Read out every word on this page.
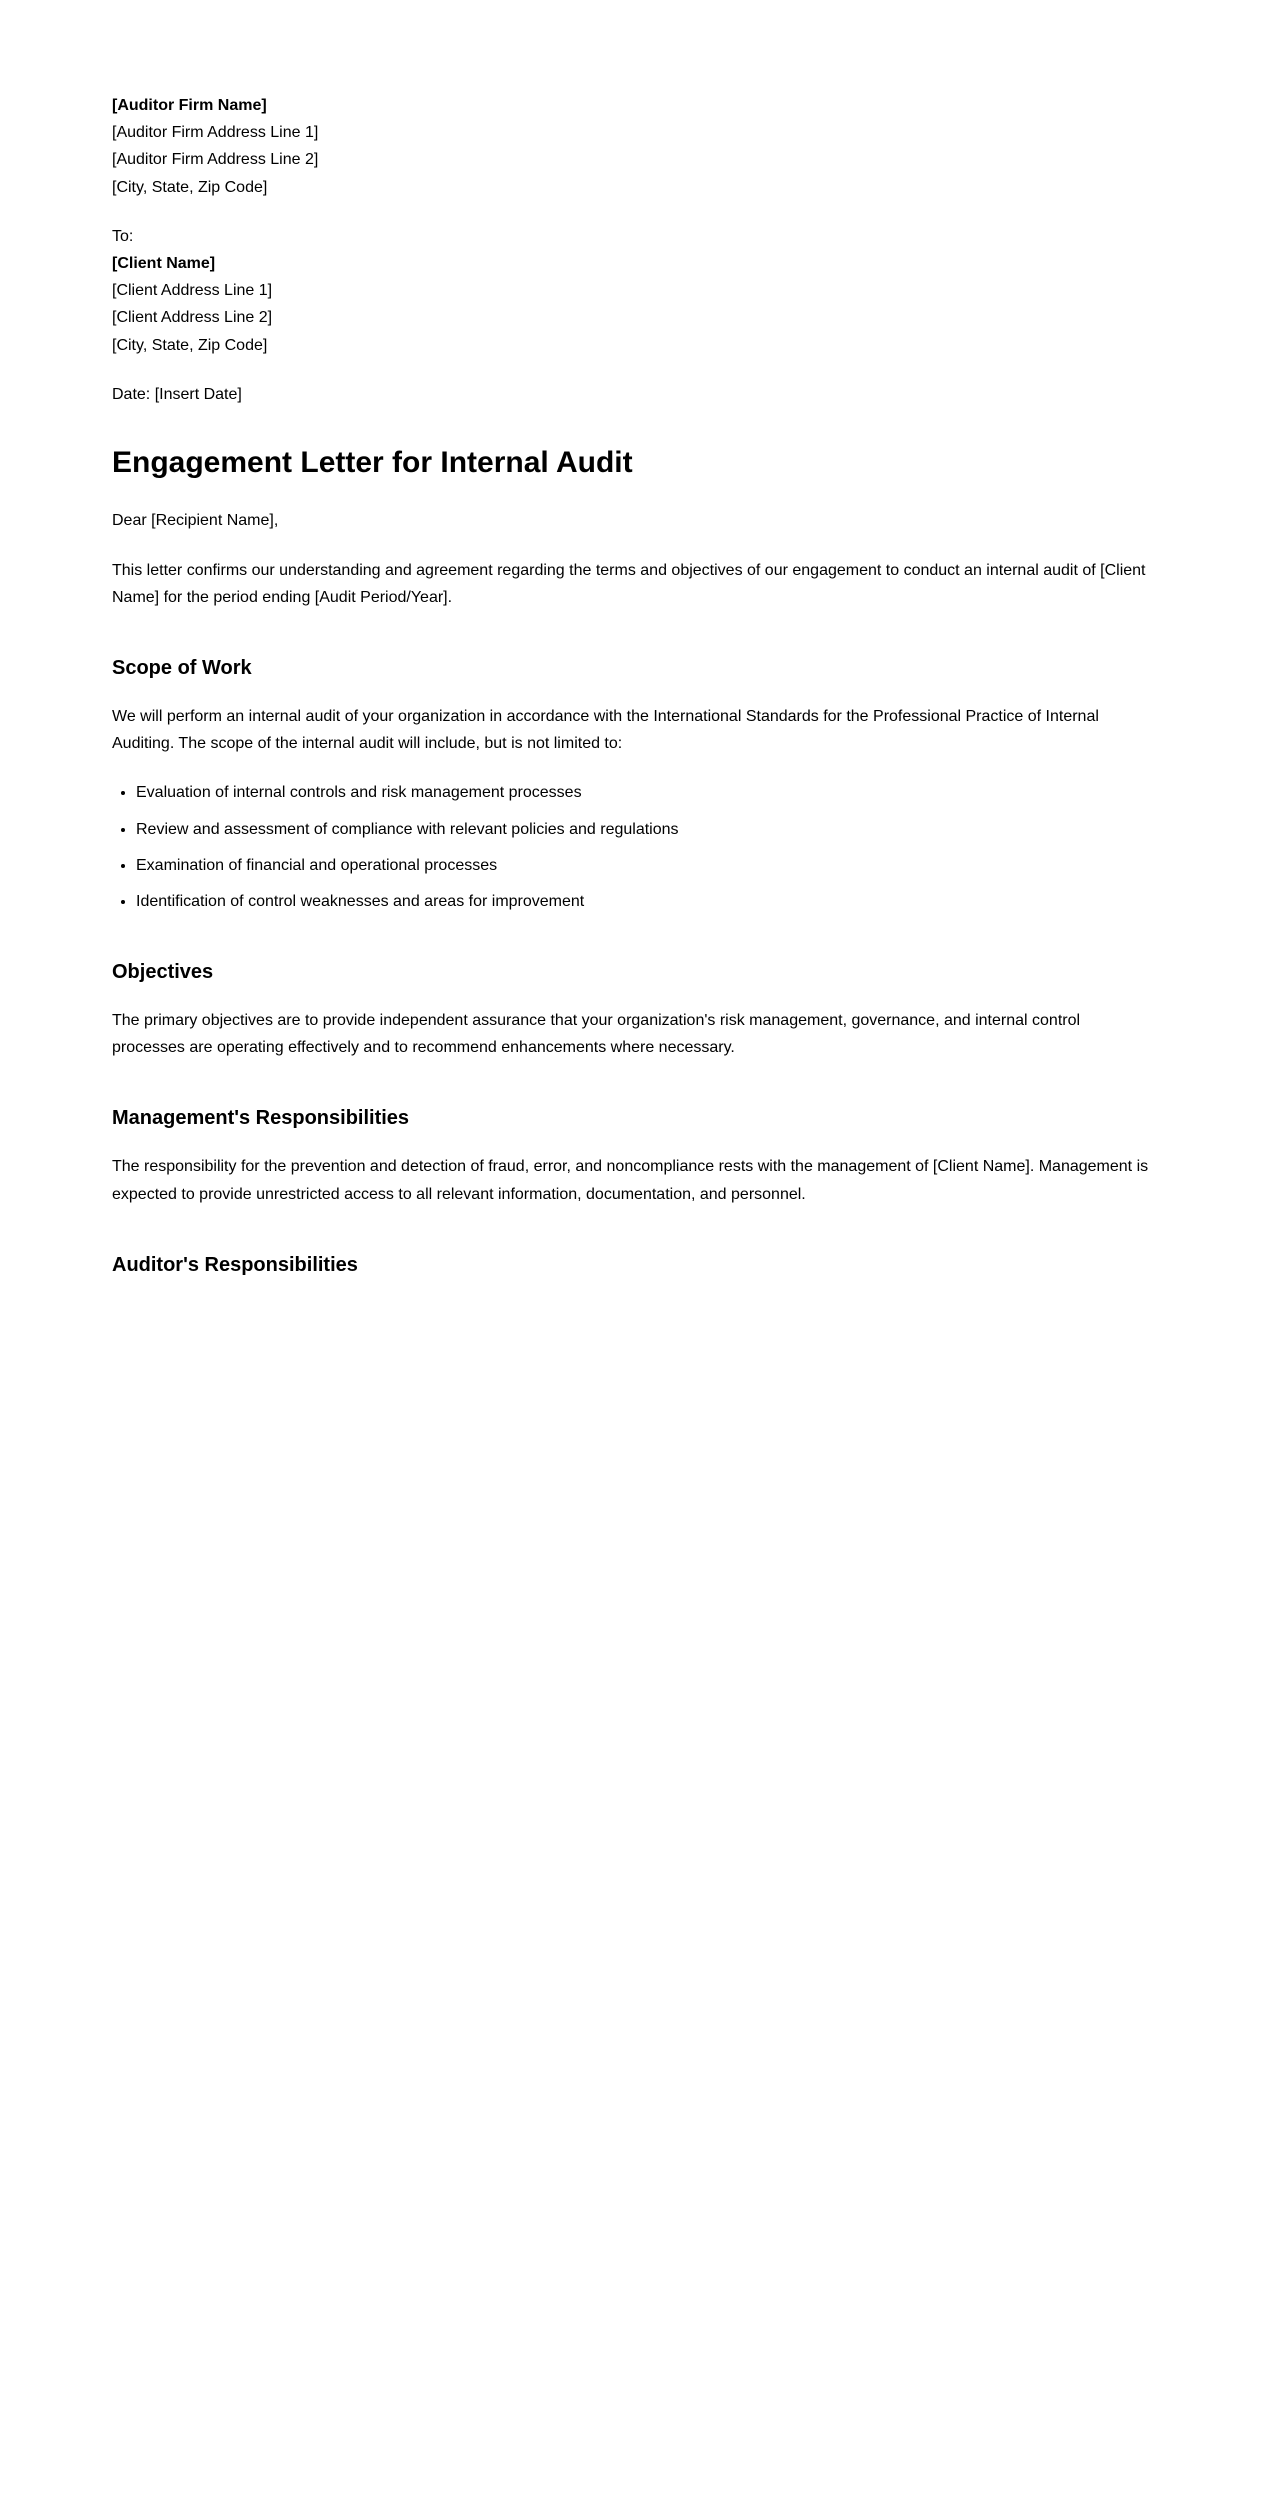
[Auditor Firm Name]
[Auditor Firm Address Line 1]
[Auditor Firm Address Line 2]
[City, State, Zip Code]

To:
[Client Name]
[Client Address Line 1]
[Client Address Line 2]
[City, State, Zip Code]

Date: [Insert Date]

Engagement Letter for Internal Audit

Dear [Recipient Name],

This letter confirms our understanding and agreement regarding the terms and objectives of our engagement to conduct an internal audit of [Client Name] for the period ending [Audit Period/Year].

Scope of Work

We will perform an internal audit of your organization in accordance with the International Standards for the Professional Practice of Internal Auditing. The scope of the internal audit will include, but is not limited to:

• Evaluation of internal controls and risk management processes
• Review and assessment of compliance with relevant policies and regulations
• Examination of financial and operational processes
• Identification of control weaknesses and areas for improvement
Objectives

The primary objectives are to provide independent assurance that your organization's risk management, governance, and internal control processes are operating effectively and to recommend enhancements where necessary.

Management's Responsibilities

The responsibility for the prevention and detection of fraud, error, and noncompliance rests with the management of [Client Name]. Management is expected to provide unrestricted access to all relevant information, documentation, and personnel.

Auditor's Responsibilities
